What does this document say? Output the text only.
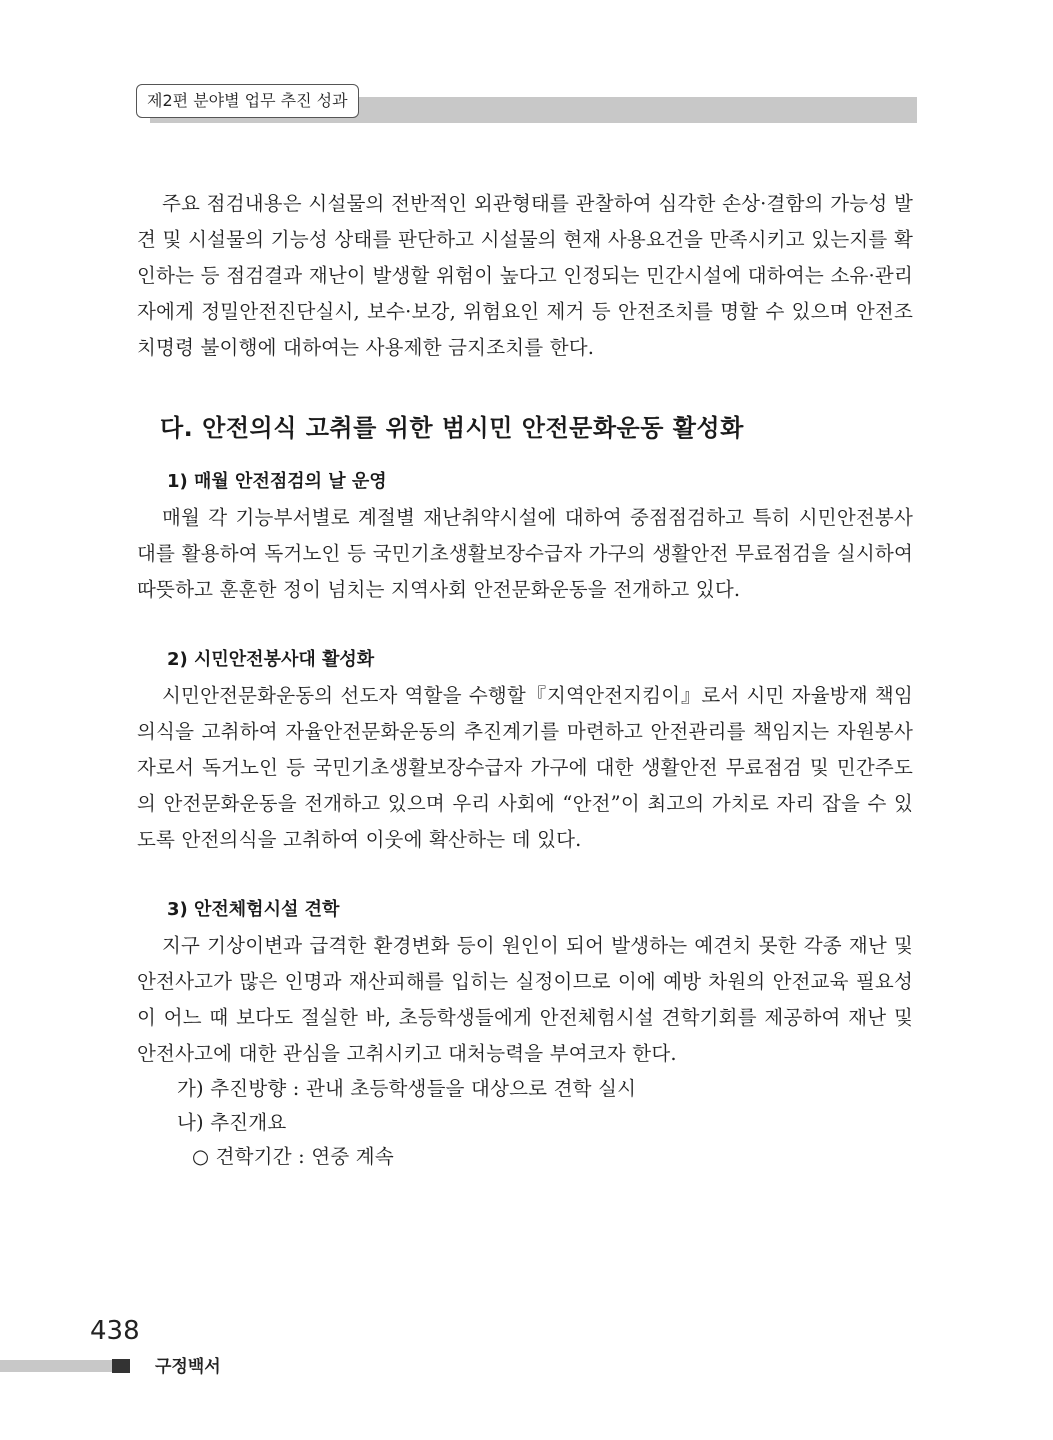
제2편 분야별 업무 추진 성과

주요 점검내용은 시설물의 전반적인 외관형태를 관찰하여 심각한 손상·결함의 가능성 발견 및 시설물의 기능성 상태를 판단하고 시설물의 현재 사용요건을 만족시키고 있는지를 확인하는 등 점검결과 재난이 발생할 위험이 높다고 인정되는 민간시설에 대하여는 소유·관리자에게 정밀안전진단실시, 보수·보강, 위험요인 제거 등 안전조치를 명할 수 있으며 안전조치명령 불이행에 대하여는 사용제한 금지조치를 한다.

다. 안전의식 고취를 위한 범시민 안전문화운동 활성화
1) 매월 안전점검의 날 운영

매월 각 기능부서별로 계절별 재난취약시설에 대하여 중점점검하고 특히 시민안전봉사대를 활용하여 독거노인 등 국민기초생활보장수급자 가구의 생활안전 무료점검을 실시하여 따뜻하고 훈훈한 정이 넘치는 지역사회 안전문화운동을 전개하고 있다.

2) 시민안전봉사대 활성화

시민안전문화운동의 선도자 역할을 수행할『지역안전지킴이』로서 시민 자율방재 책임의식을 고취하여 자율안전문화운동의 추진계기를 마련하고 안전관리를 책임지는 자원봉사자로서 독거노인 등 국민기초생활보장수급자 가구에 대한 생활안전 무료점검 및 민간주도의 안전문화운동을 전개하고 있으며 우리 사회에 “안전”이 최고의 가치로 자리 잡을 수 있도록 안전의식을 고취하여 이웃에 확산하는 데 있다.

3) 안전체험시설 견학

지구 기상이변과 급격한 환경변화 등이 원인이 되어 발생하는 예견치 못한 각종 재난 및 안전사고가 많은 인명과 재산피해를 입히는 실정이므로 이에 예방 차원의 안전교육 필요성이 어느 때 보다도 절실한 바, 초등학생들에게 안전체험시설 견학기회를 제공하여 재난 및 안전사고에 대한 관심을 고취시키고 대처능력을 부여코자 한다.

가) 추진방향 : 관내 초등학생들을 대상으로 견학 실시
나) 추진개요
○ 견학기간 : 연중 계속
438
구정백서
